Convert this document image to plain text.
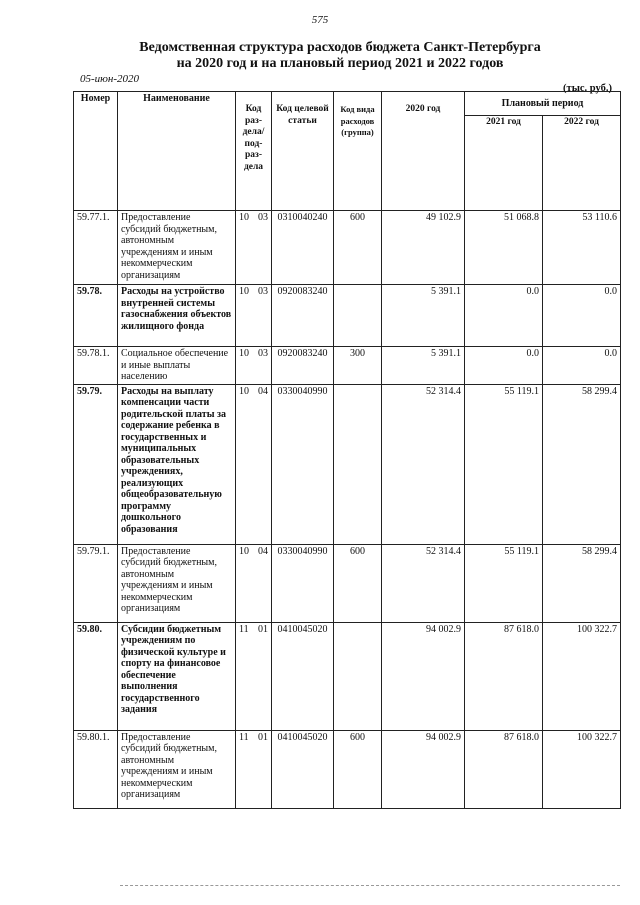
575
Ведомственная структура расходов бюджета Санкт-Петербурга
на 2020 год и на плановый период 2021 и 2022 годов
05-июн-2020
(тыс. руб.)
Номер	Наименование	Код раз- дела/ под- раз- дела	Код целевой статьи	Код вида расходов (группа)	2020 год	Плановый период	
						2021 год	2022 год
59.77.1.	Предоставление субсидий бюджетным, автономным учреждениям и иным некоммерческим организациям	10 03	0310040240	600	49 102.9	51 068.8	53 110.6
59.78.	Расходы на устройство внутренней системы газоснабжения объектов жилищного фонда	10 03	0920083240		5 391.1	0.0	0.0
59.78.1.	Социальное обеспечение и иные выплаты населению	10 03	0920083240	300	5 391.1	0.0	0.0
59.79.	Расходы на выплату компенсации части родительской платы за содержание ребенка в государственных и муниципальных образовательных учреждениях, реализующих общеобразовательную программу дошкольного образования	10 04	0330040990		52 314.4	55 119.1	58 299.4
59.79.1.	Предоставление субсидий бюджетным, автономным учреждениям и иным некоммерческим организациям	10 04	0330040990	600	52 314.4	55 119.1	58 299.4
59.80.	Субсидии бюджетным учреждениям по физической культуре и спорту на финансовое обеспечение выполнения государственного задания	11 01	0410045020		94 002.9	87 618.0	100 322.7
59.80.1.	Предоставление субсидий бюджетным, автономным учреждениям и иным некоммерческим организациям	11 01	0410045020	600	94 002.9	87 618.0	100 322.7
